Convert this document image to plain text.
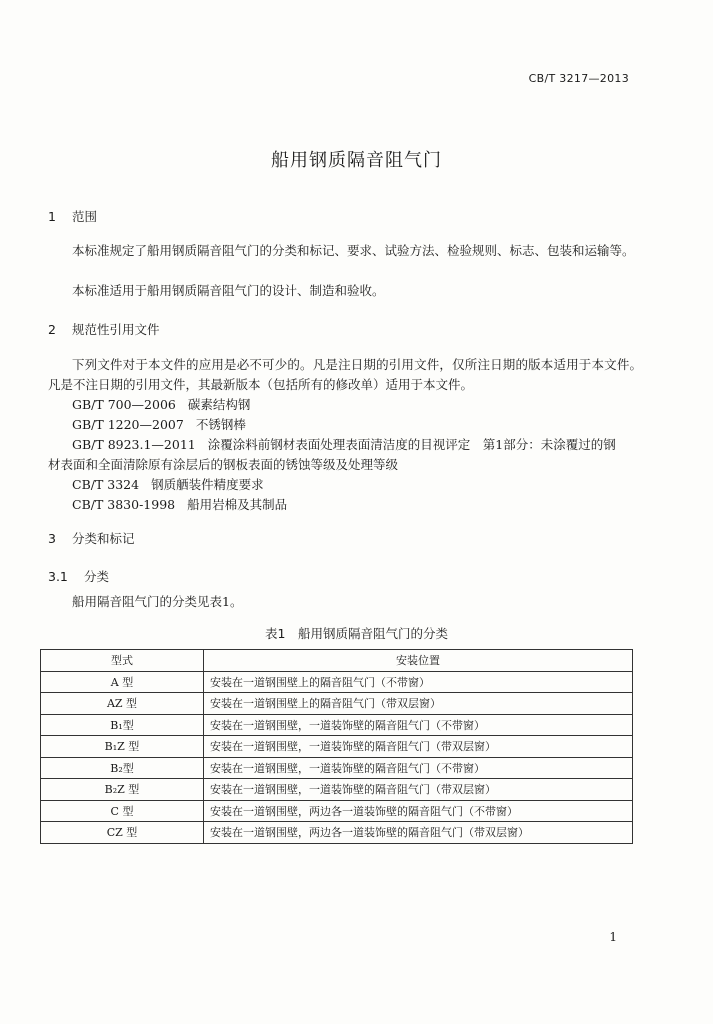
CB/T 3217—2013
船用钢质隔音阻气门
1 范围
本标准规定了船用钢质隔音阻气门的分类和标记、要求、试验方法、检验规则、标志、包装和运输等。
本标准适用于船用钢质隔音阻气门的设计、制造和验收。
2 规范性引用文件
下列文件对于本文件的应用是必不可少的。凡是注日期的引用文件，仅所注日期的版本适用于本文件。凡是不注日期的引用文件，其最新版本（包括所有的修改单）适用于本文件。
GB/T 700—2006 碳素结构钢
GB/T 1220—2007 不锈钢棒
GB/T 8923.1—2011 涂覆涂料前钢材表面处理表面清洁度的目视评定　第1部分：未涂覆过的钢
材表面和全面清除原有涂层后的钢板表面的锈蚀等级及处理等级
CB/T 3324 钢质舾装件精度要求
CB/T 3830-1998 船用岩棉及其制品
3 分类和标记
3.1 分类
船用隔音阻气门的分类见表1。
表1　船用钢质隔音阻气门的分类
型式	安装位置
A 型	安装在一道钢围壁上的隔音阻气门（不带窗）
AZ 型	安装在一道钢围壁上的隔音阻气门（带双层窗）
B₁型	安装在一道钢围壁，一道装饰壁的隔音阻气门（不带窗）
B₁Z 型	安装在一道钢围壁，一道装饰壁的隔音阻气门（带双层窗）
B₂型	安装在一道钢围壁，一道装饰壁的隔音阻气门（不带窗）
B₂Z 型	安装在一道钢围壁，一道装饰壁的隔音阻气门（带双层窗）
C 型	安装在一道钢围壁，两边各一道装饰壁的隔音阻气门（不带窗）
CZ 型	安装在一道钢围壁，两边各一道装饰壁的隔音阻气门（带双层窗）
1
